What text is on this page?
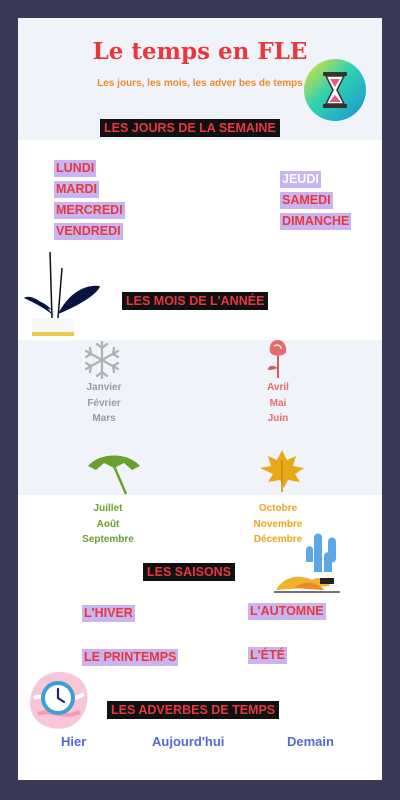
Le temps en FLE
Les jours, les mois, les adver bes de temps
LES JOURS DE LA SEMAINE
LUNDI
MARDI
MERCREDI
VENDREDI
JEUDI
SAMEDI
DIMANCHE
LES MOIS DE L'ANNÉE
Janvier
Février
Mars
Avril
Mai
Juin
Juillet
Août
Septembre
Octobre
Novembre
Décembre
LES SAISONS
L'HIVER	L'AUTOMNE
LE PRINTEMPS	L'ÉTÉ
LES ADVERBES DE TEMPS
Hier	Aujourd'hui	Demain
